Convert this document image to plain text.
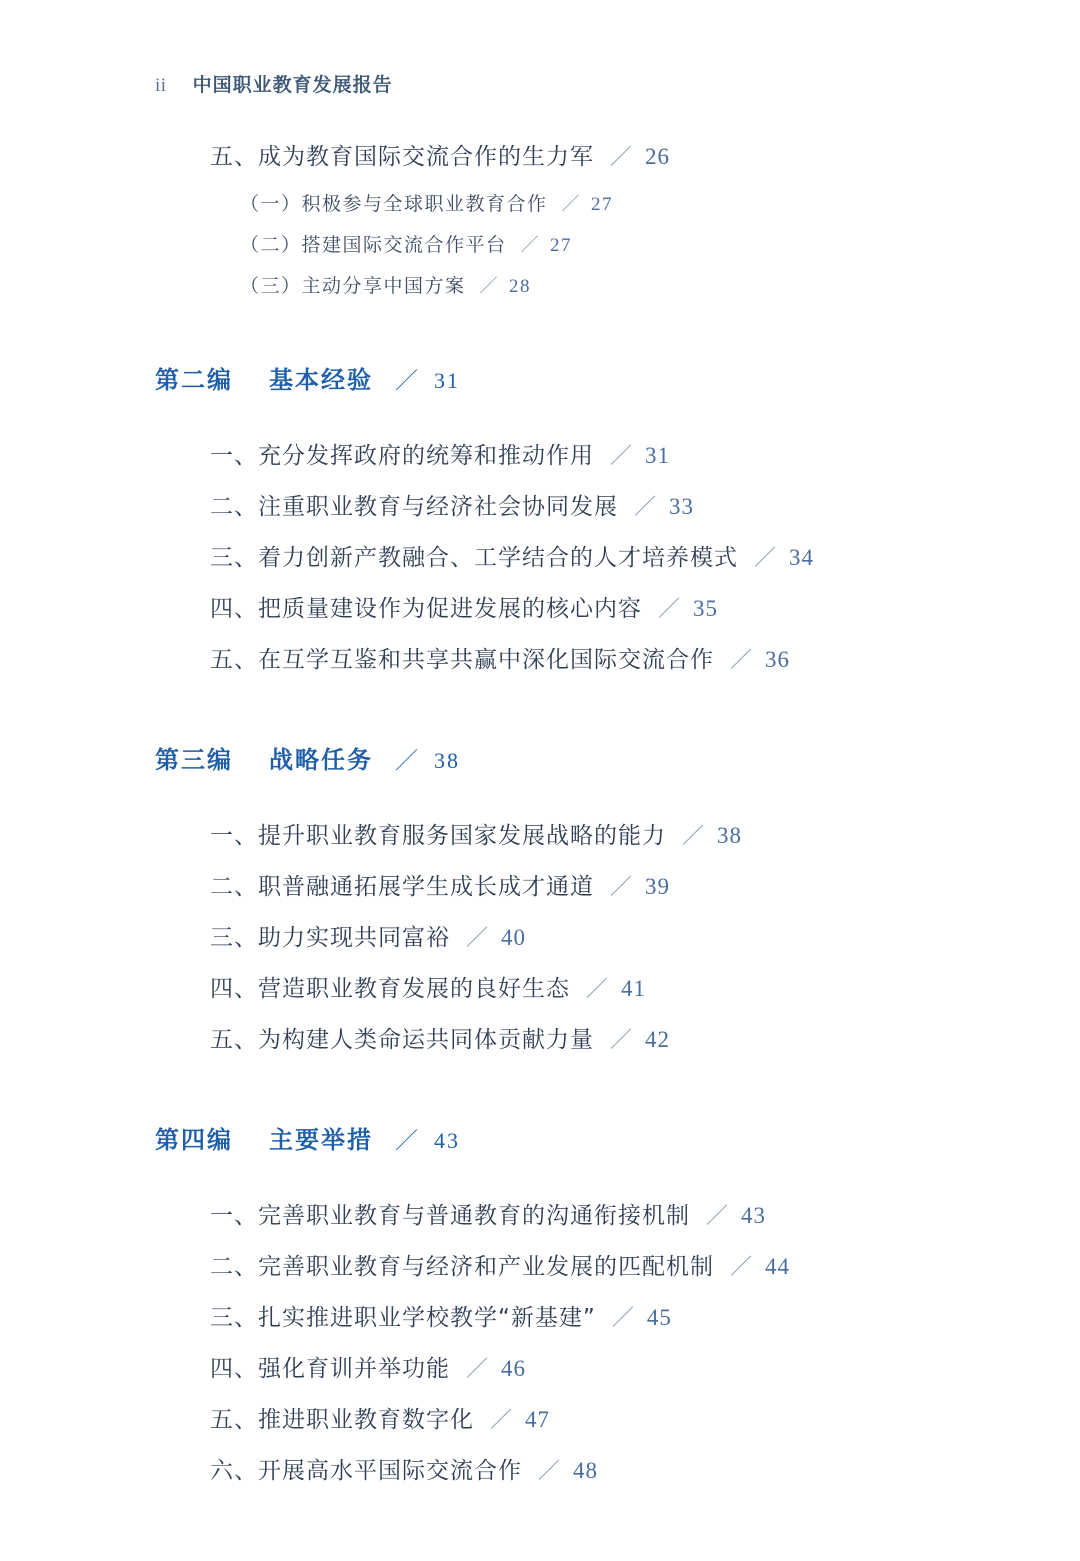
ii 中国职业教育发展报告
五、 成为教育国际交流合作的生力军 ／ 26
（一） 积极参与全球职业教育合作 ／ 27
（二） 搭建国际交流合作平台 ／ 27
（三） 主动分享中国方案 ／ 28
第二编 基本经验 ／ 31
一、 充分发挥政府的统筹和推动作用 ／ 31
二、 注重职业教育与经济社会协同发展 ／ 33
三、 着力创新产教融合、工学结合的人才培养模式 ／ 34
四、 把质量建设作为促进发展的核心内容 ／ 35
五、 在互学互鉴和共享共赢中深化国际交流合作 ／ 36
第三编 战略任务 ／ 38
一、 提升职业教育服务国家发展战略的能力 ／ 38
二、 职普融通拓展学生成长成才通道 ／ 39
三、 助力实现共同富裕 ／ 40
四、 营造职业教育发展的良好生态 ／ 41
五、 为构建人类命运共同体贡献力量 ／ 42
第四编 主要举措 ／ 43
一、 完善职业教育与普通教育的沟通衔接机制 ／ 43
二、 完善职业教育与经济和产业发展的匹配机制 ／ 44
三、 扎实推进职业学校教学“新基建” ／ 45
四、 强化育训并举功能 ／ 46
五、 推进职业教育数字化 ／ 47
六、 开展高水平国际交流合作 ／ 48
